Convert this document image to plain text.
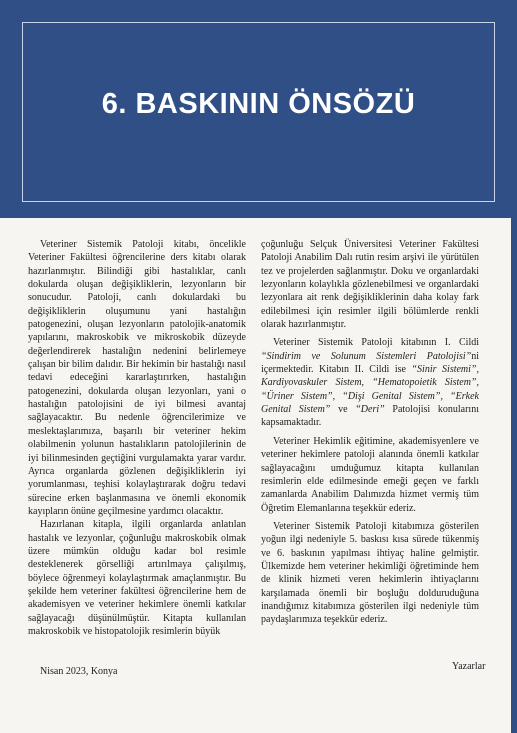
6. BASKININ ÖNSÖZÜ

Veteriner Sistemik Patoloji kitabı, öncelikle Veteriner Fakültesi öğrencilerine ders kitabı olarak hazırlanmıştır. Bilindiği gibi hastalıklar, canlı dokularda oluşan değişikliklerin, lezyonların bir sonucudur. Patoloji, canlı dokulardaki bu değişikliklerin oluşumunu yani hastalığın patogenezini, oluşan lezyonların patolojik-anatomik yapılarını, makroskobik ve mikroskobik düzeyde değerlendirerek hastalığın nedenini belirlemeye çalışan bir bilim dalıdır. Bir hekimin bir hastalığı nasıl tedavi edeceğini kararlaştırırken, hastalığın patogenezini, dokularda oluşan lezyonları, yani o hastalığın patolojisini de iyi bilmesi avantaj sağlayacaktır. Bu nedenle öğrencilerimize ve meslektaşlarımıza, başarılı bir veteriner hekim olabilmenin yolunun hastalıkların patolojilerinin de iyi bilinmesinden geçtiğini vurgulamakta yarar vardır. Ayrıca organlarda gözlenen değişikliklerin iyi yorumlanması, teşhisi kolaylaştırarak doğru tedavi sürecine erken başlanmasına ve önemli ekonomik kayıpların önüne geçilmesine yardımcı olacaktır.

Hazırlanan kitapla, ilgili organlarda anlatılan hastalık ve lezyonlar, çoğunluğu makroskobik olmak üzere mümkün olduğu kadar bol resimle desteklenerek görselliği artırılmaya çalışılmış, böylece öğrenmeyi kolaylaştırmak amaçlanmıştır. Bu şekilde hem veteriner fakültesi öğrencilerine hem de akademisyen ve veteriner hekimlere önemli katkılar sağlayacağı düşünülmüştür. Kitapta kullanılan makroskobik ve histopatolojik resimlerin büyük

çoğunluğu Selçuk Üniversitesi Veteriner Fakültesi Patoloji Anabilim Dalı rutin resim arşivi ile yürütülen tez ve projelerden sağlanmıştır. Doku ve organlardaki lezyonların kolaylıkla gözlenebilmesi ve organlardaki lezyonlara ait renk değişikliklerinin daha kolay fark edilebilmesi için resimler ilgili bölümlerde renkli olarak hazırlanmıştır.

Veteriner Sistemik Patoloji kitabının I. Cildi “Sindirim ve Solunum Sistemleri Patolojisi”ni içermektedir. Kitabın II. Cildi ise “Sinir Sistemi”, Kardiyovaskuler Sistem, “Hematopoietik Sistem”, “Üriner Sistem”, “Dişi Genital Sistem”, “Erkek Genital Sistem” ve “Deri” Patolojisi konularını kapsamaktadır.

Veteriner Hekimlik eğitimine, akademisyenlere ve veteriner hekimlere patoloji alanında önemli katkılar sağlayacağını umduğumuz kitapta kullanılan resimlerin elde edilmesinde emeği geçen ve farklı zamanlarda Anabilim Dalımızda hizmet vermiş tüm Öğretim Elemanlarına teşekkür ederiz.

Veteriner Sistemik Patoloji kitabımıza gösterilen yoğun ilgi nedeniyle 5. baskısı kısa sürede tükenmiş ve 6. baskının yapılması ihtiyaç haline gelmiştir. Ülkemizde hem veteriner hekimliği öğretiminde hem de klinik hizmeti veren hekimlerin ihtiyaçlarını karşılamada önemli bir boşluğu dolduruduğuna inandığımız kitabımıza gösterilen ilgi nedeniyle tüm paydaşlarımıza teşekkür ederiz.

Nisan 2023, Konya	Yazarlar
